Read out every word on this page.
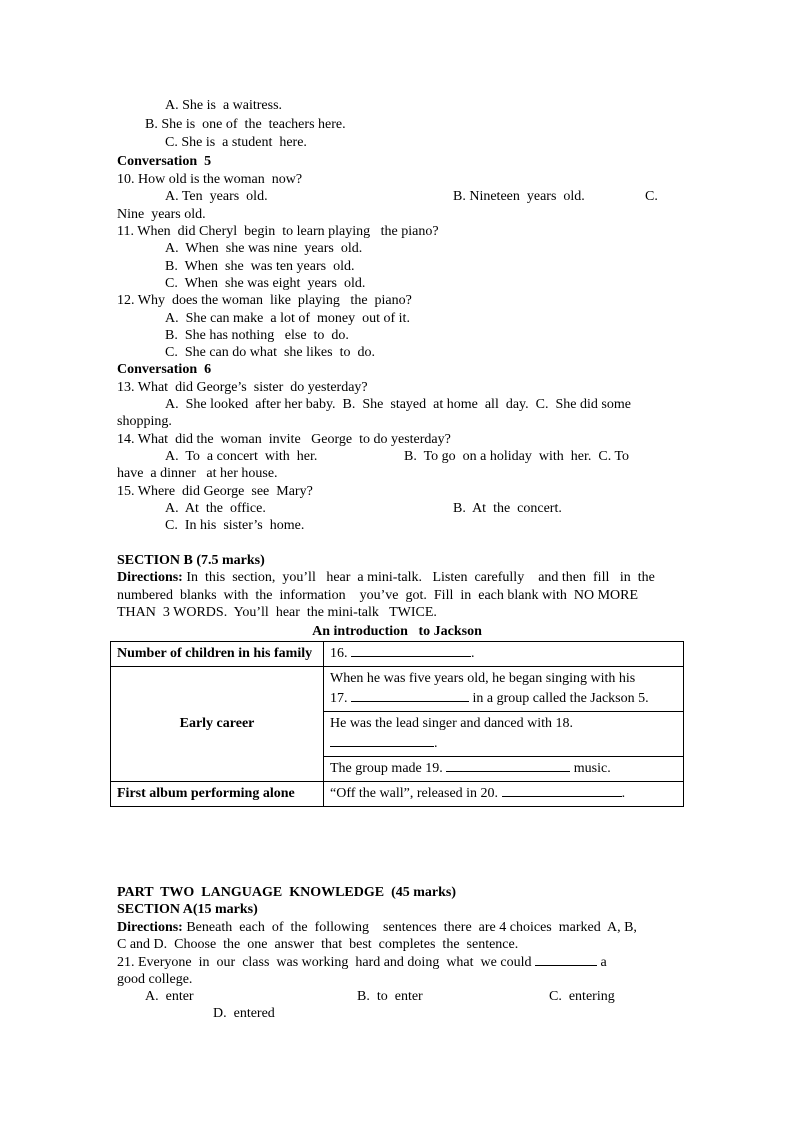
A. She is  a waitress.
B. She is  one of  the  teachers here.
C. She is  a student  here.
Conversation  5
10. How old is the woman  now?
A. Ten  years  old.	B. Nineteen  years  old.	C.
Nine  years old.
11. When  did Cheryl  begin  to learn playing   the piano?
A.  When  she was nine  years  old.
B.  When  she  was ten years  old.
C.  When  she was eight  years  old.
12. Why  does the woman  like  playing   the  piano?
A.  She can make  a lot of  money  out of it.
B.  She has nothing   else  to  do.
C.  She can do what  she likes  to  do.
Conversation  6
13. What  did George’s  sister  do yesterday?
A.  She looked  after her baby.  B.  She  stayed  at home  all  day.  C.  She did some
shopping.
14. What  did the  woman  invite   George  to do yesterday?
A.  To  a concert  with  her.	B.  To go  on a holiday  with  her.  C. To
have  a dinner   at her house.
15. Where  did George  see  Mary?
A.  At  the  office.	B.  At  the  concert.
C.  In his  sister’s  home.
SECTION B (7.5 marks)
Directions: In  this  section,  you’ll   hear  a mini-talk.   Listen  carefully    and then  fill   in  the
numbered  blanks  with  the  information    you’ve  got.  Fill  in  each blank with  NO MORE
THAN  3 WORDS.  You’ll  hear  the mini-talk   TWICE.
An introduction   to Jackson
Number of children in his family	16. .
Early career	When he was five years old, he began singing with his
17. in a group called the Jackson 5.
	He was the lead singer and danced with 18.
.
	The group made 19. music.
First album performing alone	“Off the wall”, released in 20. .
PART  TWO  LANGUAGE  KNOWLEDGE  (45 marks)
SECTION A(15 marks)
Directions: Beneath  each  of  the  following    sentences  there  are 4 choices  marked  A, B,
C and D.  Choose  the  one  answer  that  best  completes  the  sentence.
21. Everyone  in  our  class  was working  hard and doing  what  we could	a
good college.
A.  enter	B.  to  enter	C.  entering
D.  entered
